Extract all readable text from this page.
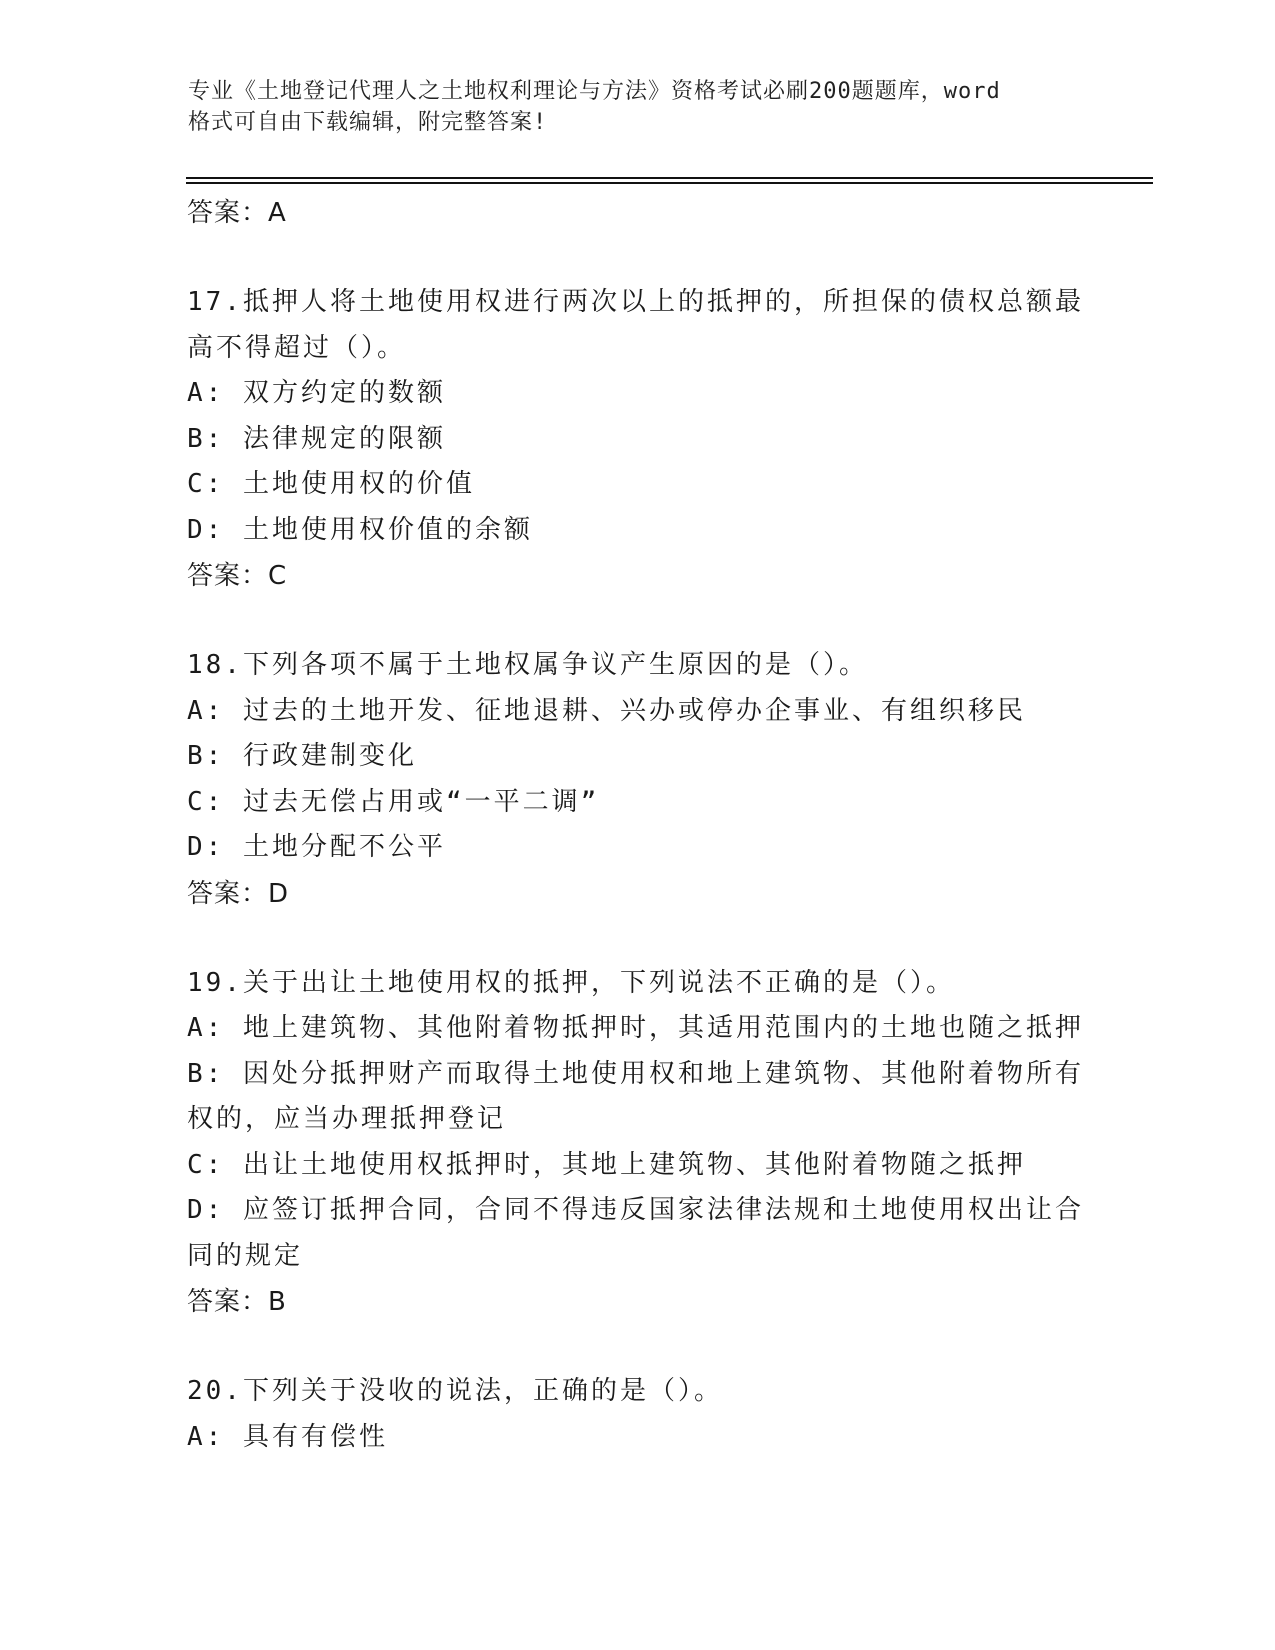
专业《土地登记代理人之土地权利理论与方法》资格考试必刷200题题库，word
格式可自由下载编辑，附完整答案!
答案：A
17.抵押人将土地使用权进行两次以上的抵押的，所担保的债权总额最
高不得超过（）。
A: 双方约定的数额
B: 法律规定的限额
C: 土地使用权的价值
D: 土地使用权价值的余额
答案：C
18.下列各项不属于土地权属争议产生原因的是（）。
A: 过去的土地开发、征地退耕、兴办或停办企事业、有组织移民
B: 行政建制变化
C: 过去无偿占用或“一平二调”
D: 土地分配不公平
答案：D
19.关于出让土地使用权的抵押，下列说法不正确的是（）。
A: 地上建筑物、其他附着物抵押时，其适用范围内的土地也随之抵押
B: 因处分抵押财产而取得土地使用权和地上建筑物、其他附着物所有
权的，应当办理抵押登记
C: 出让土地使用权抵押时，其地上建筑物、其他附着物随之抵押
D: 应签订抵押合同，合同不得违反国家法律法规和土地使用权出让合
同的规定
答案：B
20.下列关于没收的说法，正确的是（）。
A: 具有有偿性
